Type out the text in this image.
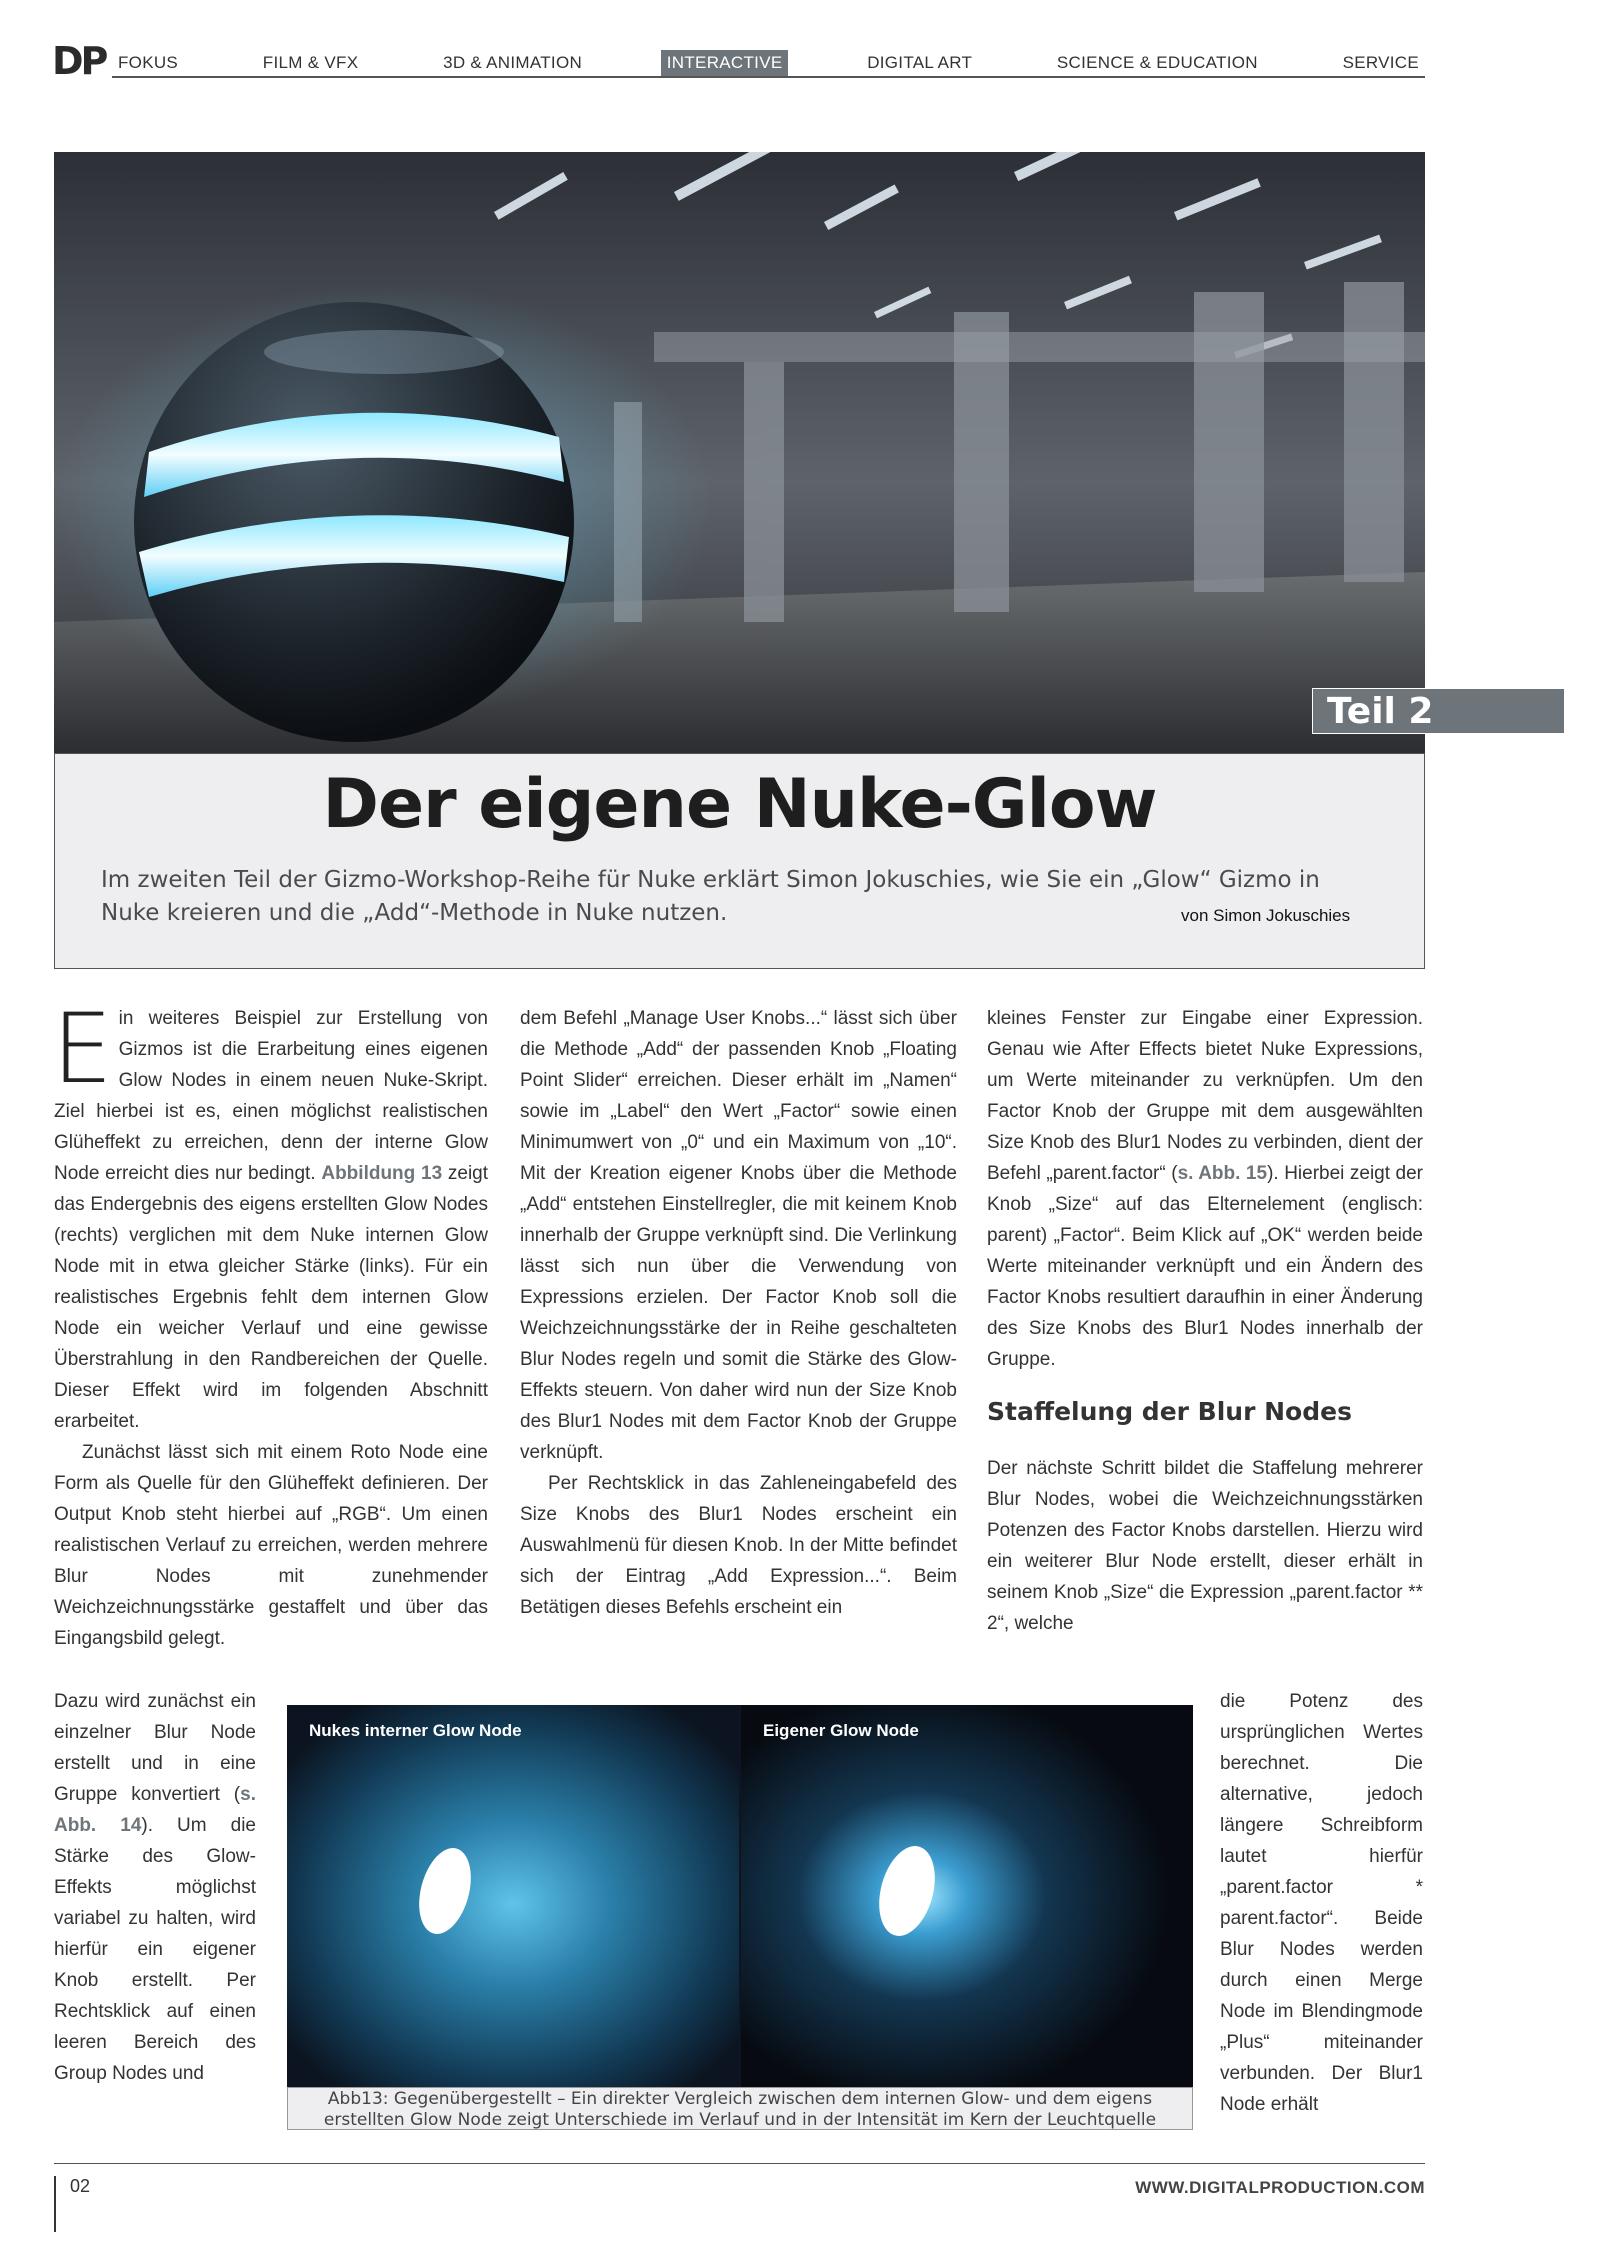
DP FOKUS	FILM & VFX	3D & ANIMATION	INTERACTIVE	DIGITAL ART	SCIENCE & EDUCATION	SERVICE
Teil 2
Der eigene Nuke-Glow
Im zweiten Teil der Gizmo-Workshop-Reihe für Nuke erklärt Simon Jokuschies, wie Sie ein „Glow“ Gizmo in Nuke kreieren und die „Add“-Methode in Nuke nutzen.	von Simon Jokuschies

Ein weiteres Beispiel zur Erstellung von Gizmos ist die Erarbeitung eines eigenen Glow Nodes in einem neuen Nuke-Skript. Ziel hierbei ist es, einen möglichst realistischen Glüheffekt zu erreichen, denn der interne Glow Node erreicht dies nur bedingt. Abbildung 13 zeigt das Endergebnis des eigens erstellten Glow Nodes (rechts) verglichen mit dem Nuke internen Glow Node mit in etwa gleicher Stärke (links). Für ein realistisches Ergebnis fehlt dem internen Glow Node ein weicher Verlauf und eine gewisse Überstrahlung in den Randbereichen der Quelle. Dieser Effekt wird im folgenden Abschnitt erarbeitet.

Zunächst lässt sich mit einem Roto Node eine Form als Quelle für den Glüheffekt definieren. Der Output Knob steht hierbei auf „RGB“. Um einen realistischen Verlauf zu erreichen, werden mehrere Blur Nodes mit zunehmender Weichzeichnungsstärke gestaffelt und über das Eingangsbild gelegt.

Dazu wird zunächst ein einzelner Blur Node erstellt und in eine Gruppe konvertiert (s. Abb. 14). Um die Stärke des Glow-Effekts möglichst variabel zu halten, wird hierfür ein eigener Knob erstellt. Per Rechtsklick auf einen leeren Bereich des Group Nodes und

dem Befehl „Manage User Knobs...“ lässt sich über die Methode „Add“ der passenden Knob „Floating Point Slider“ erreichen. Dieser erhält im „Namen“ sowie im „Label“ den Wert „Factor“ sowie einen Minimumwert von „0“ und ein Maximum von „10“. Mit der Kreation eigener Knobs über die Methode „Add“ entstehen Einstellregler, die mit keinem Knob innerhalb der Gruppe verknüpft sind. Die Verlinkung lässt sich nun über die Verwendung von Expressions erzielen. Der Factor Knob soll die Weichzeichnungsstärke der in Reihe geschalteten Blur Nodes regeln und somit die Stärke des Glow-Effekts steuern. Von daher wird nun der Size Knob des Blur1 Nodes mit dem Factor Knob der Gruppe verknüpft.

Per Rechtsklick in das Zahleneingabefeld des Size Knobs des Blur1 Nodes erscheint ein Auswahlmenü für diesen Knob. In der Mitte befindet sich der Eintrag „Add Expression...“. Beim Betätigen dieses Befehls erscheint ein

kleines Fenster zur Eingabe einer Expression. Genau wie After Effects bietet Nuke Expressions, um Werte miteinander zu verknüpfen. Um den Factor Knob der Gruppe mit dem ausgewählten Size Knob des Blur1 Nodes zu verbinden, dient der Befehl „parent.factor“ (s. Abb. 15). Hierbei zeigt der Knob „Size“ auf das Elternelement (englisch: parent) „Factor“. Beim Klick auf „OK“ werden beide Werte miteinander verknüpft und ein Ändern des Factor Knobs resultiert daraufhin in einer Änderung des Size Knobs des Blur1 Nodes innerhalb der Gruppe.

Staffelung der Blur Nodes

Der nächste Schritt bildet die Staffelung mehrerer Blur Nodes, wobei die Weichzeichnungsstärken Potenzen des Factor Knobs darstellen. Hierzu wird ein weiterer Blur Node erstellt, dieser erhält in seinem Knob „Size“ die Expression „parent.factor ** 2“, welche

die Potenz des ursprünglichen Wertes berechnet. Die alternative, jedoch längere Schreibform lautet hierfür „parent.factor * parent.factor“. Beide Blur Nodes werden durch einen Merge Node im Blendingmode „Plus“ miteinander verbunden. Der Blur1 Node erhält

Nukes interner Glow Node	Eigener Glow Node
Abb13: Gegenübergestellt – Ein direkter Vergleich zwischen dem internen Glow- und dem eigens
erstellten Glow Node zeigt Unterschiede im Verlauf und in der Intensität im Kern der Leuchtquelle
02	WWW.DIGITALPRODUCTION.COM
